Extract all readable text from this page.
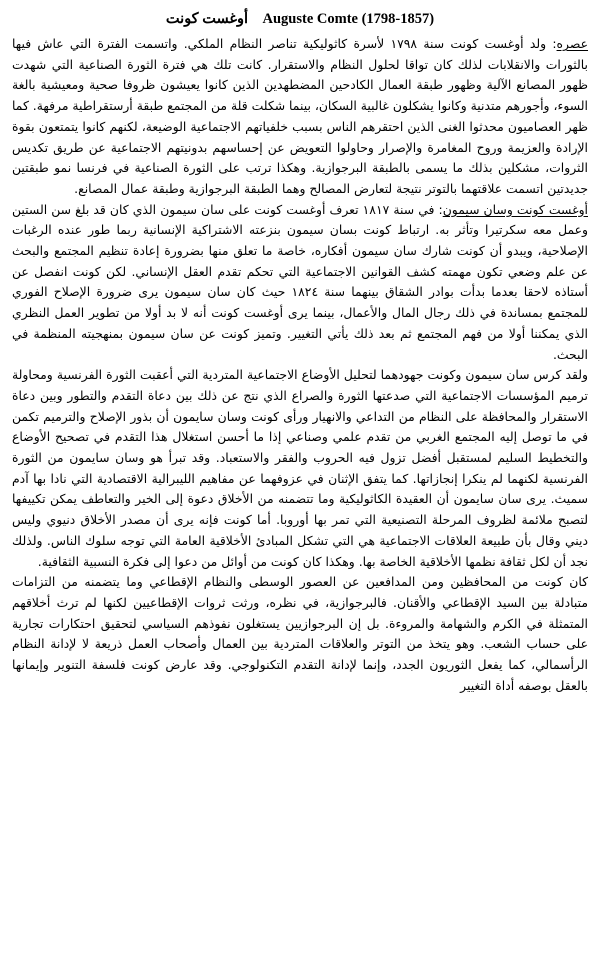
أوغست كونت Auguste Comte (1798-1857)

عصره: ولد أوغست كونت سنة ١٧٩٨ لأسرة كاثوليكية تناصر النظام الملكي. واتسمت الفترة التي عاش فيها بالثورات والانقلابات لذلك كان تواقا لحلول النظام والاستقرار. كانت تلك هي فترة الثورة الصناعية التي شهدت ظهور المصانع الآلية وظهور طبقة العمال الكادحين المضطهدين الذين كانوا يعيشون ظروفا صحية ومعيشية بالغة السوء، وأجورهم متدنية وكانوا يشكلون غالبية السكان، بينما شكلت قلة من المجتمع طبقة أرستقراطية مرفهة. كما ظهر العصاميون محدثوا الغنى الذين احتقرهم الناس بسبب خلفياتهم الاجتماعية الوضيعة، لكنهم كانوا يتمتعون بقوة الإرادة والعزيمة وروح المغامرة والإصرار وحاولوا التعويض عن إحساسهم بدونيتهم الاجتماعية عن طريق تكديس الثروات، مشكلين بذلك ما يسمى بالطبقة البرجوازية. وهكذا ترتب على الثورة الصناعية في فرنسا نمو طبقتين جديدتين اتسمت علاقتهما بالتوتر نتيجة لتعارض المصالح وهما الطبقة البرجوازية وطبقة عمال المصانع.

أوغست كونت وسان سيمون: في سنة ١٨١٧ تعرف أوغست كونت على سان سيمون الذي كان قد بلغ سن الستين وعمل معه سكرتيرا وتأثر به. ارتباط كونت بسان سيمون بنزعته الاشتراكية الإنسانية ربما طور عنده الرغبات الإصلاحية، ويبدو أن كونت شارك سان سيمون أفكاره، خاصة ما تعلق منها بضرورة إعادة تنظيم المجتمع والبحث عن علم وضعي تكون مهمته كشف القوانين الاجتماعية التي تحكم تقدم العقل الإنساني. لكن كونت انفصل عن أستاذه لاحقا بعدما بدأت بوادر الشقاق بينهما سنة ١٨٢٤ حيث كان سان سيمون يرى ضرورة الإصلاح الفوري للمجتمع بمساندة في ذلك رجال المال والأعمال، بينما يرى أوغست كونت أنه لا بد أولا من تطوير العمل النظري الذي يمكننا أولا من فهم المجتمع ثم بعد ذلك يأتي التغيير. وتميز كونت عن سان سيمون بمنهجيته المنظمة في البحث.

ولقد كرس سان سيمون وكونت جهودهما لتحليل الأوضاع الاجتماعية المتردية التي أعقبت الثورة الفرنسية ومحاولة ترميم المؤسسات الاجتماعية التي صدعتها الثورة والصراع الذي نتج عن ذلك بين دعاة التقدم والتطور وبين دعاة الاستقرار والمحافظة على النظام من التداعي والانهيار ورأى كونت وسان سايمون أن بذور الإصلاح والترميم تكمن في ما توصل إليه المجتمع الغربي من تقدم علمي وصناعي إذا ما أحسن استغلال هذا التقدم في تصحيح الأوضاع والتخطيط السليم لمستقبل أفضل تزول فيه الحروب والفقر والاستعباد. وقد تبرأ هو وسان سايمون من الثورة الفرنسية لكنهما لم ينكرا إنجازاتها. كما يتفق الإثنان في عزوفهما عن مفاهيم الليبرالية الاقتصادية التي نادا بها آدم سميث. يرى سان سايمون أن العقيدة الكاثوليكية وما تتضمنه من الأخلاق دعوة إلى الخير والتعاطف يمكن تكييفها لتصبح ملائمة لظروف المرحلة التصنيعية التي تمر بها أوروبا. أما كونت فإنه يرى أن مصدر الأخلاق دنيوي وليس ديني وقال بأن طبيعة العلاقات الاجتماعية هي التي تشكل المبادئ الأخلاقية العامة التي توجه سلوك الناس. ولذلك نجد أن لكل ثقافة نظمها الأخلاقية الخاصة بها. وهكذا كان كونت من أوائل من دعوا إلى فكرة النسبية الثقافية.

كان كونت من المحافظين ومن المدافعين عن العصور الوسطى والنظام الإقطاعي وما يتضمنه من التزامات متبادلة بين السيد الإقطاعي والأقنان. فالبرجوازية، في نظره، ورثت ثروات الإقطاعيين لكنها لم ترث أخلاقهم المتمثلة في الكرم والشهامة والمروءة. بل إن البرجوازيين يستغلون نفوذهم السياسي لتحقيق احتكارات تجارية على حساب الشعب. وهو يتخذ من التوتر والعلاقات المتردية بين العمال وأصحاب العمل ذريعة لا لإدانة النظام الرأسمالي، كما يفعل الثوريون الجدد، وإنما لإدانة التقدم التكنولوجي. وقد عارض كونت فلسفة التنوير وإيمانها بالعقل بوصفه أداة التغيير
